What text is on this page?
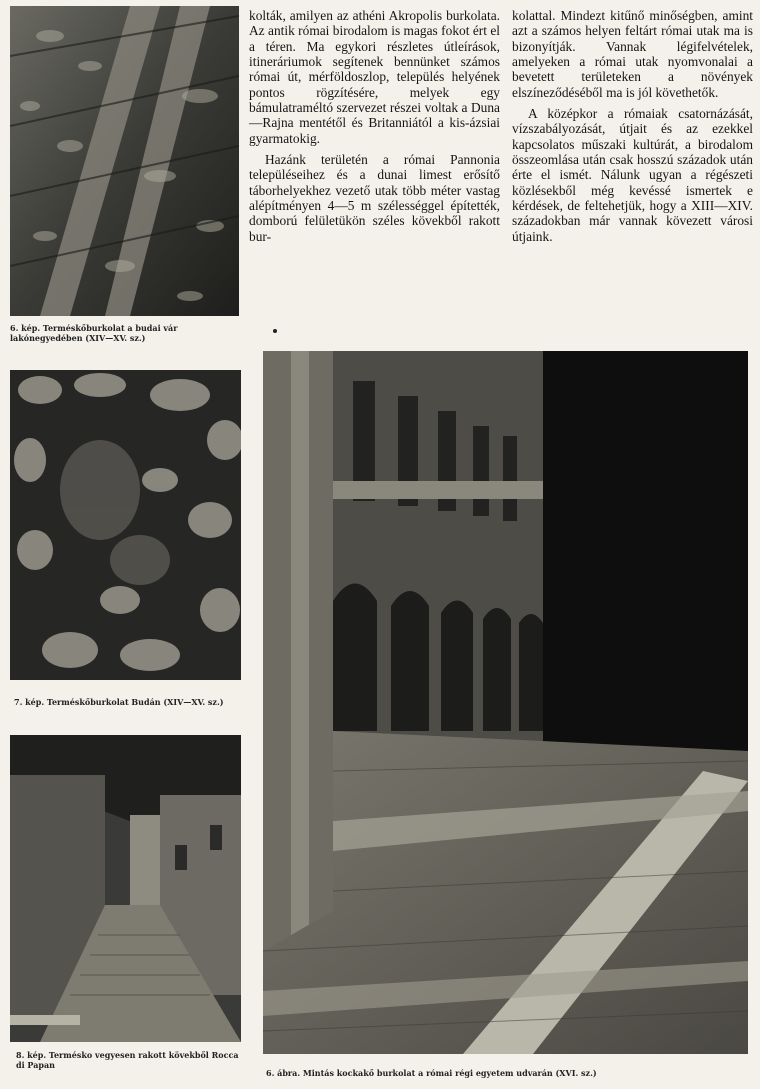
6. kép. Terméskőburkolat a budai vár lakónegyedében (XIV—XV. sz.)
7. kép. Terméskőburkolat Budán (XIV—XV. sz.)
8. kép. Termésko vegyesen rakott kövekből Rocca di Papan
6. ábra. Mintás kockakő burkolat a római régi egyetem udvarán (XVI. sz.)

kolták, amilyen az athéni Akropolis burkolata. Az antik római birodalom is magas fokot ért el a téren. Ma egykori részletes útleírások, itineráriumok segítenek bennünket számos római út, mérföldoszlop, település helyének pontos rögzítésére, melyek egy bámulatraméltó szervezet részei voltak a Duna—Rajna mentétől és Britanniától a kis-ázsiai gyarmatokig.

Hazánk területén a római Pannonia településeihez és a dunai limest erősítő táborhelyekhez vezető utak több méter vastag alépítményen 4—5 m szélességgel építették, domború felületükön széles kövekből rakott bur-

kolattal. Mindezt kitűnő minőségben, amint azt a számos helyen feltárt római utak ma is bizonyítják. Vannak légifelvételek, amelyeken a római utak nyomvonalai a bevetett területeken a növények elszíneződéséből ma is jól követhetők.

A középkor a rómaiak csatornázását, vízszabályozását, útjait és az ezekkel kapcsolatos műszaki kultúrát, a birodalom összeomlása után csak hosszú századok után érte el ismét. Nálunk ugyan a régészeti közlésekből még kevéssé ismertek e kérdések, de feltehetjük, hogy a XIII—XIV. századokban már vannak kövezett városi útjaink.
